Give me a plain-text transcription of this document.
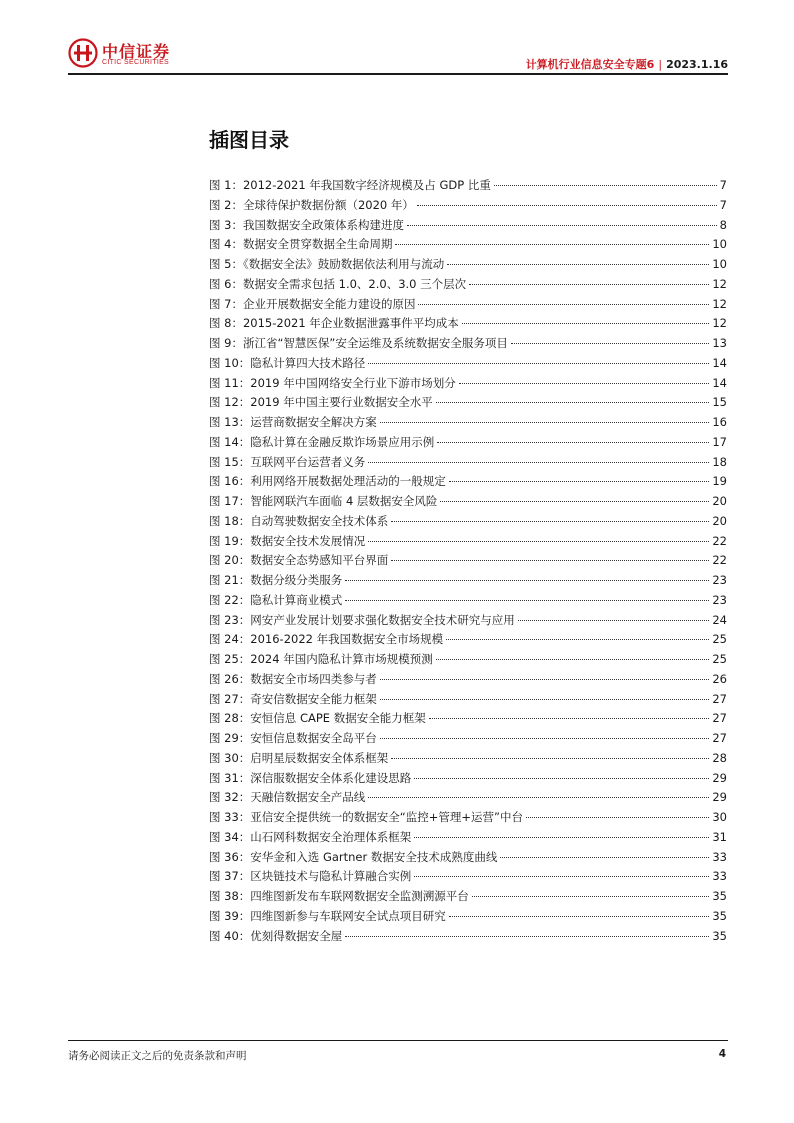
中信证券
CITIC SECURITIES	计算机行业信息安全专题6 | 2023.1.16
插图目录
图 1：2012-2021 年我国数字经济规模及占 GDP 比重	7
图 2：全球待保护数据份额（2020 年）	7
图 3：我国数据安全政策体系构建进度	8
图 4：数据安全贯穿数据全生命周期	10
图 5：《数据安全法》鼓励数据依法利用与流动	10
图 6：数据安全需求包括 1.0、2.0、3.0 三个层次	12
图 7：企业开展数据安全能力建设的原因	12
图 8：2015-2021 年企业数据泄露事件平均成本	12
图 9：浙江省“智慧医保”安全运维及系统数据安全服务项目	13
图 10：隐私计算四大技术路径	14
图 11：2019 年中国网络安全行业下游市场划分	14
图 12：2019 年中国主要行业数据安全水平	15
图 13：运营商数据安全解决方案	16
图 14：隐私计算在金融反欺诈场景应用示例	17
图 15：互联网平台运营者义务	18
图 16：利用网络开展数据处理活动的一般规定	19
图 17：智能网联汽车面临 4 层数据安全风险	20
图 18：自动驾驶数据安全技术体系	20
图 19：数据安全技术发展情况	22
图 20：数据安全态势感知平台界面	22
图 21：数据分级分类服务	23
图 22：隐私计算商业模式	23
图 23：网安产业发展计划要求强化数据安全技术研究与应用	24
图 24：2016-2022 年我国数据安全市场规模	25
图 25：2024 年国内隐私计算市场规模预测	25
图 26：数据安全市场四类参与者	26
图 27：奇安信数据安全能力框架	27
图 28：安恒信息 CAPE 数据安全能力框架	27
图 29：安恒信息数据安全岛平台	27
图 30：启明星辰数据安全体系框架	28
图 31：深信服数据安全体系化建设思路	29
图 32：天融信数据安全产品线	29
图 33：亚信安全提供统一的数据安全“监控+管理+运营”中台	30
图 34：山石网科数据安全治理体系框架	31
图 36：安华金和入选 Gartner 数据安全技术成熟度曲线	33
图 37：区块链技术与隐私计算融合实例	33
图 38：四维图新发布车联网数据安全监测溯源平台	35
图 39：四维图新参与车联网安全试点项目研究	35
图 40：优刻得数据安全屋	35
请务必阅读正文之后的免责条款和声明	4
